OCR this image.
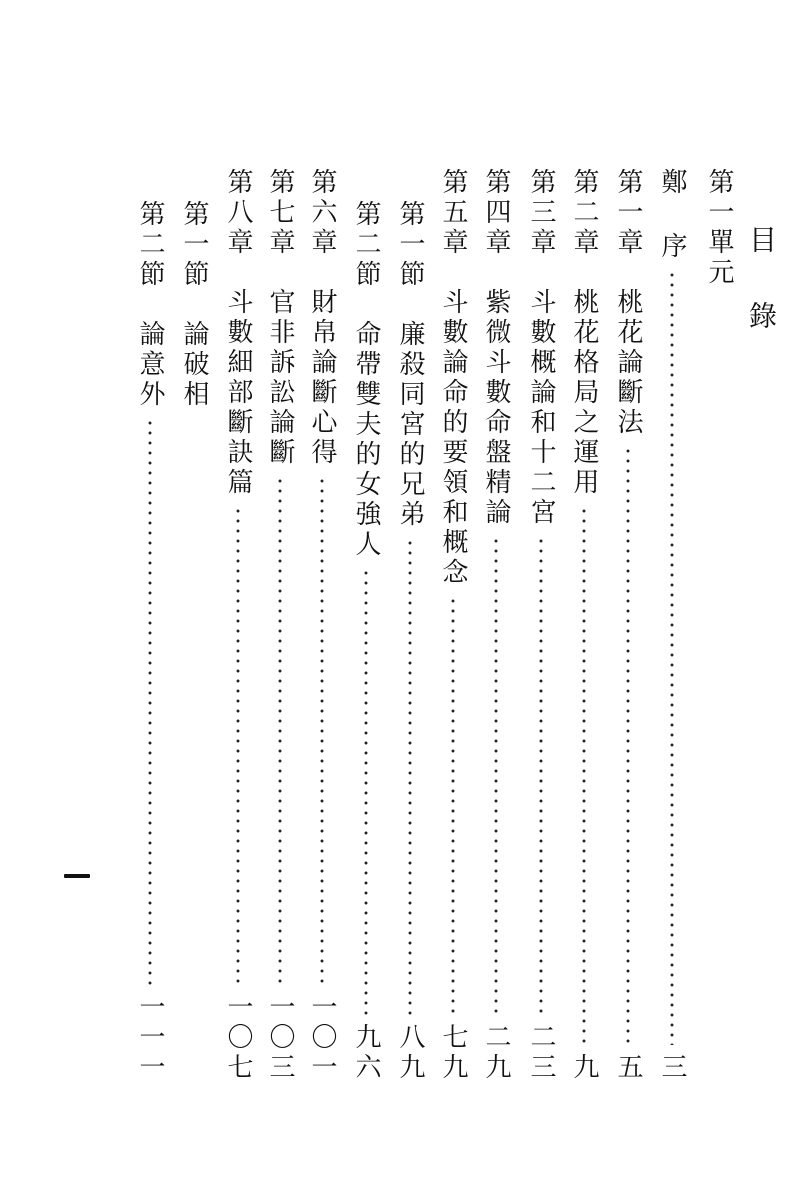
目錄
第一單元
鄭 序
三
第一章　桃花論斷法
五
第二章　桃花格局之運用
九
第三章　斗數概論和十二宮
二三
第四章　紫微斗數命盤精論
二九
第五章　斗數論命的要領和概念
七九
第一節　廉殺同宮的兄弟
八九
第二節　命帶雙夫的女強人
九六
第六章　財帛論斷心得
一〇一
第七章　官非訴訟論斷
一〇三
第八章　斗數細部斷訣篇
一〇七
第一節　論破相
第二節　論意外
一一一
